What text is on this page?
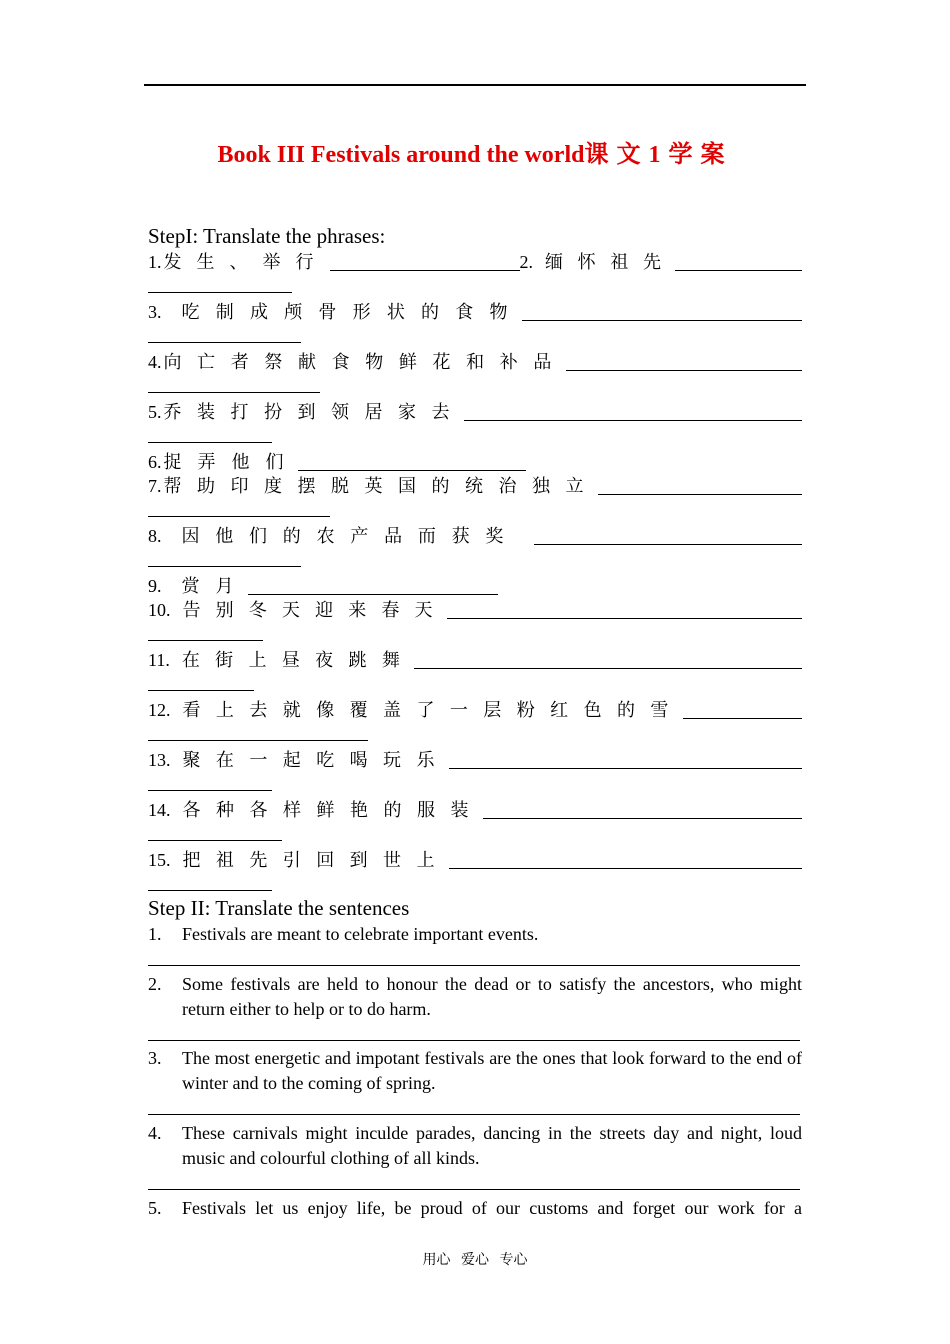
Book III Festivals around the world课文1学案
StepI: Translate the phrases:
1. 发 生 、 举 行	2. 缅 怀 祖 先
3. 吃 制 成 颅 骨 形 状 的 食 物
4. 向 亡 者 祭 献 食 物 鲜 花 和 补 品
5. 乔 装 打 扮 到 领 居 家 去
6. 捉 弄 他 们
7. 帮 助 印 度 摆 脱 英 国 的 统 治 独 立
8. 因 他 们 的 农 产 品 而 获 奖
9. 赏 月
10. 告 别 冬 天 迎 来 春 天
11. 在 街 上 昼 夜 跳 舞
12. 看 上 去 就 像 覆 盖 了 一 层 粉 红 色 的 雪
13. 聚 在 一 起 吃 喝 玩 乐
14. 各 种 各 样 鲜 艳 的 服 装
15. 把 祖 先 引 回 到 世 上
Step II: Translate the sentences
1. Festivals are meant to celebrate important events.
2. Some festivals are held to honour the dead or to satisfy the ancestors, who might return either to help or to do harm.
3. The most energetic and impotant festivals are the ones that look forward to the end of winter and to the coming of spring.
4. These carnivals might inculde parades, dancing in the streets day and night, loud music and colourful clothing of all kinds.
5. Festivals let us enjoy life, be proud of our customs and forget our work for a
用心 爱心 专心
